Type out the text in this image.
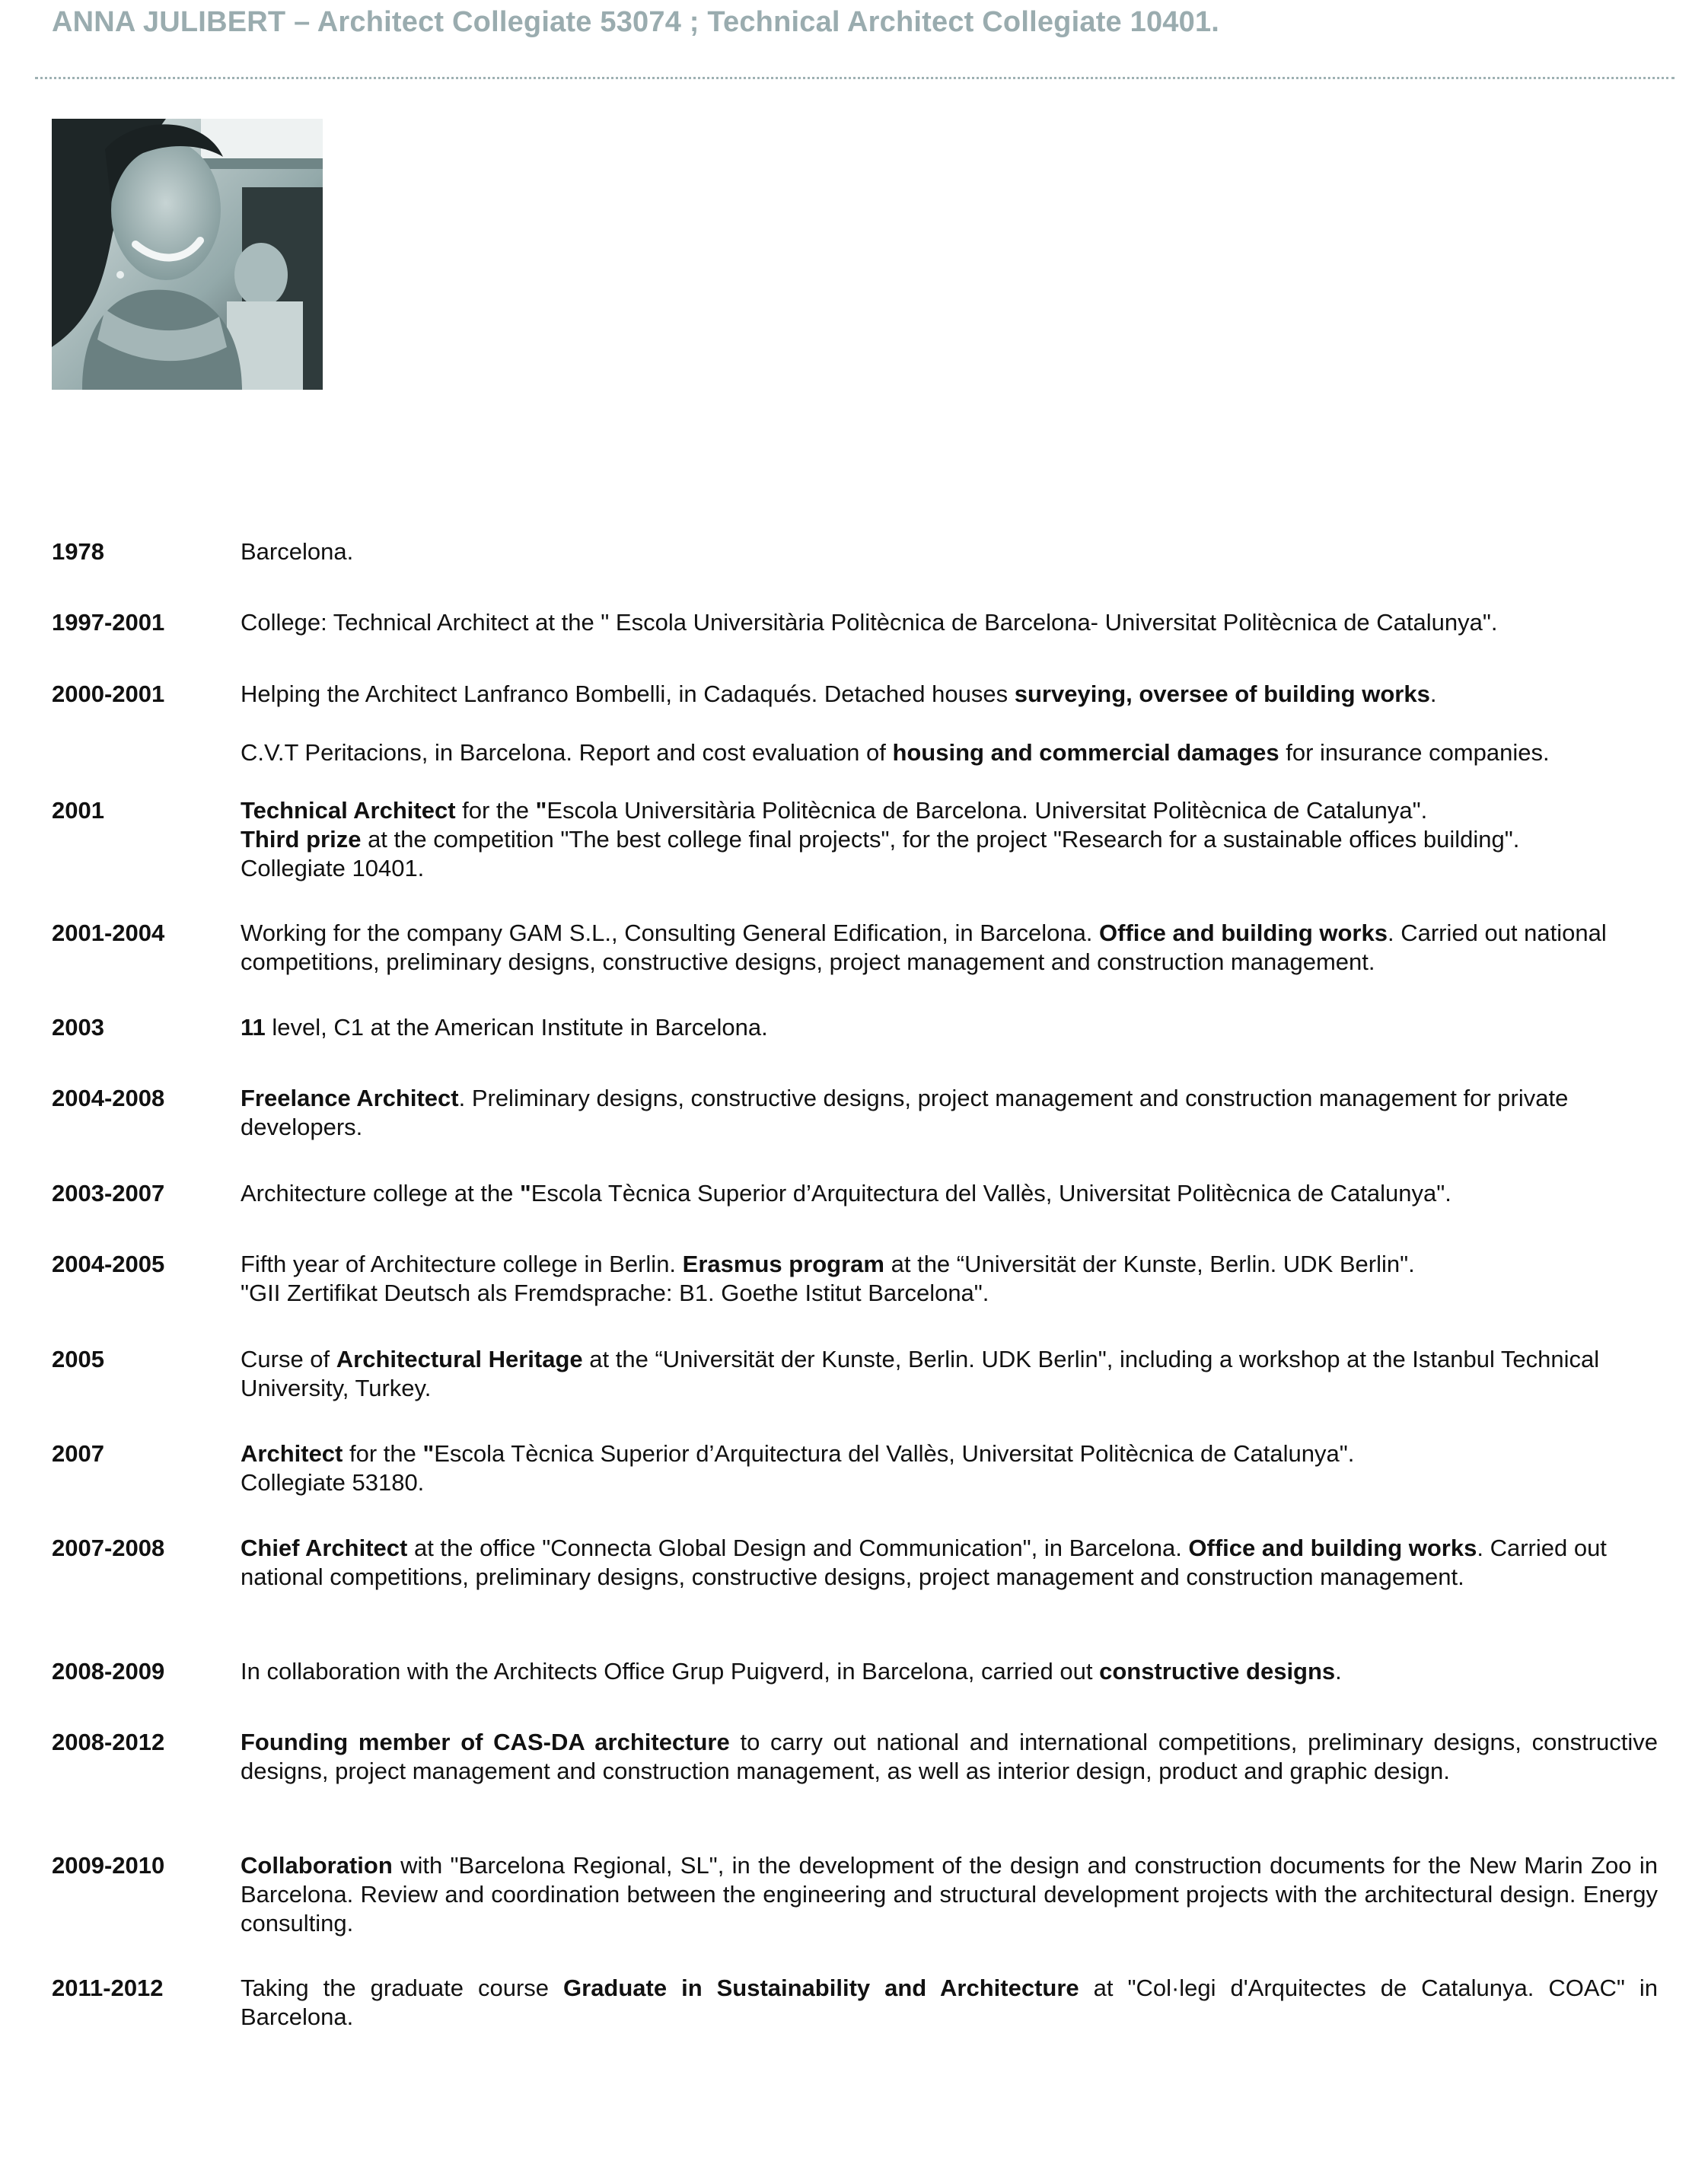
ANNA JULIBERT – Architect Collegiate 53074 ; Technical Architect Collegiate 10401.
1978	Barcelona.

1997-2001	College: Technical Architect at the " Escola Universitària Politècnica de Barcelona- Universitat Politècnica de Catalunya".

2000-2001	Helping the Architect Lanfranco Bombelli, in Cadaqués. Detached houses surveying, oversee of building works.

C.V.T Peritacions, in Barcelona. Report and cost evaluation of housing and commercial damages for insurance companies.

2001	Technical Architect for the "Escola Universitària Politècnica de Barcelona. Universitat Politècnica de Catalunya".

Third prize at the competition "The best college final projects", for the project "Research for a sustainable offices building".

Collegiate 10401.

2001-2004	Working for the company GAM S.L., Consulting General Edification, in Barcelona. Office and building works. Carried out national competitions, preliminary designs, constructive designs, project management and construction management.

2003	11 level, C1 at the American Institute in Barcelona.

2004-2008	Freelance Architect. Preliminary designs, constructive designs, project management and construction management for private developers.

2003-2007	Architecture college at the "Escola Tècnica Superior d’Arquitectura del Vallès, Universitat Politècnica de Catalunya".

2004-2005	Fifth year of Architecture college in Berlin. Erasmus program at the “Universität der Kunste, Berlin. UDK Berlin".

"GII Zertifikat Deutsch als Fremdsprache: B1. Goethe Istitut Barcelona".

2005	Curse of Architectural Heritage at the “Universität der Kunste, Berlin. UDK Berlin", including a workshop at the Istanbul Technical University, Turkey.

2007	Architect for the "Escola Tècnica Superior d’Arquitectura del Vallès, Universitat Politècnica de Catalunya".

Collegiate 53180.

2007-2008	Chief Architect at the office "Connecta Global Design and Communication", in Barcelona. Office and building works. Carried out national competitions, preliminary designs, constructive designs, project management and construction management.

2008-2009	In collaboration with the Architects Office Grup Puigverd, in Barcelona, carried out constructive designs.

2008-2012	Founding member of CAS-DA architecture to carry out national and international competitions, preliminary designs, constructive designs, project management and construction management, as well as interior design, product and graphic design.

2009-2010	Collaboration with "Barcelona Regional, SL", in the development of the design and construction documents for the New Marin Zoo in Barcelona. Review and coordination between the engineering and structural development projects with the architectural design. Energy consulting.

2011-2012	Taking the graduate course Graduate in Sustainability and Architecture at "Col·legi d'Arquitectes de Catalunya. COAC" in Barcelona.
